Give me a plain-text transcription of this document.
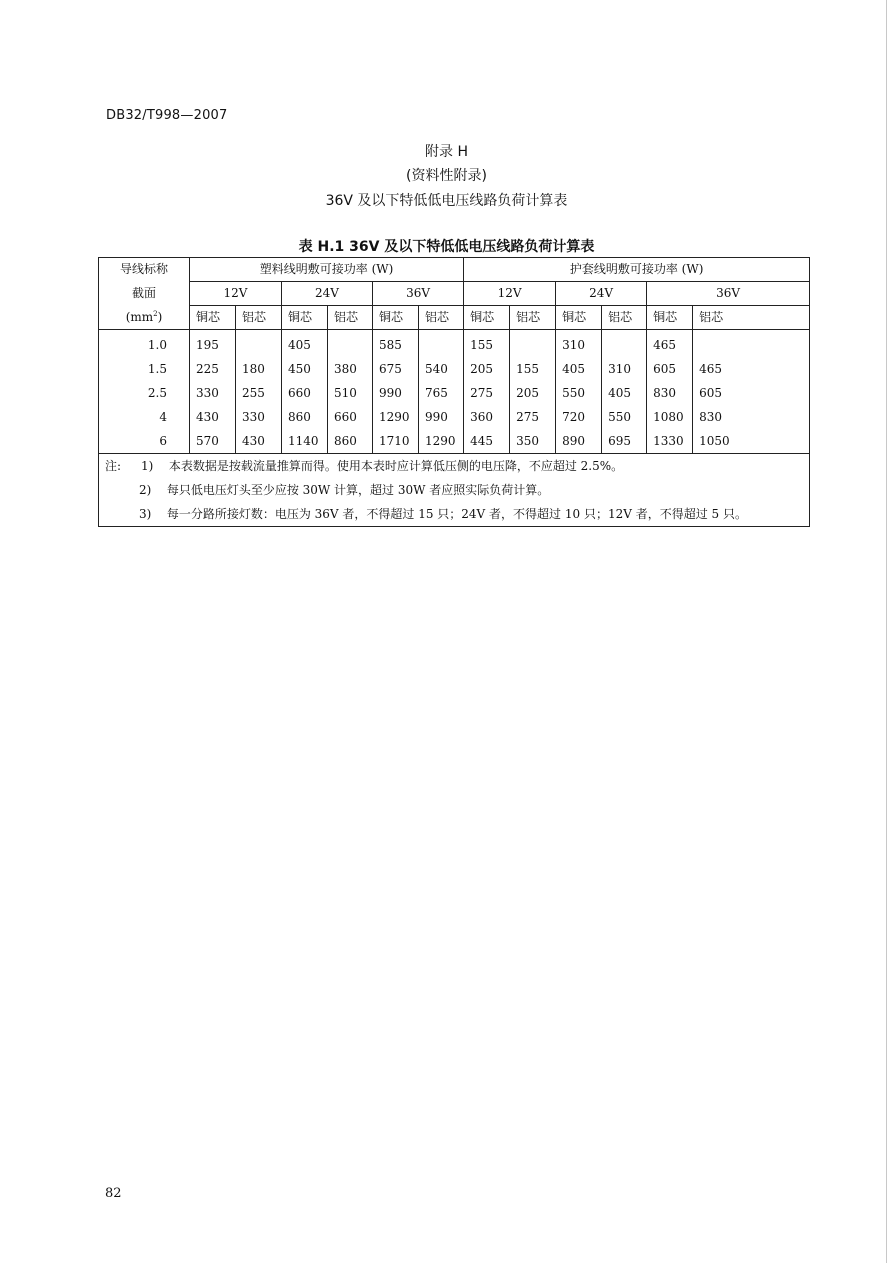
DB32/T998—2007
附录 H
(资料性附录)
36V 及以下特低低电压线路负荷计算表
表 H.1 36V 及以下特低低电压线路负荷计算表
导线标称	塑料线明敷可接功率 (W)						护套线明敷可接功率 (W)					
截面	12V		24V		36V		12V		24V		36V	
$(mm^2)$	铜芯	铝芯	铜芯	铝芯	铜芯	铝芯	铜芯	铝芯	铜芯	铝芯	铜芯	铝芯
1.0	195		405		585		155		310		465	
1.5	225	180	450	380	675	540	205	155	405	310	605	465
2.5	330	255	660	510	990	765	275	205	550	405	830	605
4	430	330	860	660	1290	990	360	275	720	550	1080	830
6	570	430	1140	860	1710	1290	445	350	890	695	1330	1050
注: 1) 本表数据是按载流量推算而得。使用本表时应计算低压侧的电压降，不应超过 2.5%。												
2) 每只低电压灯头至少应按 30W 计算，超过 30W 者应照实际负荷计算。												
3) 每一分路所接灯数：电压为 36V 者，不得超过 15 只；24V 者，不得超过 10 只；12V 者，不得超过 5 只。												
82
